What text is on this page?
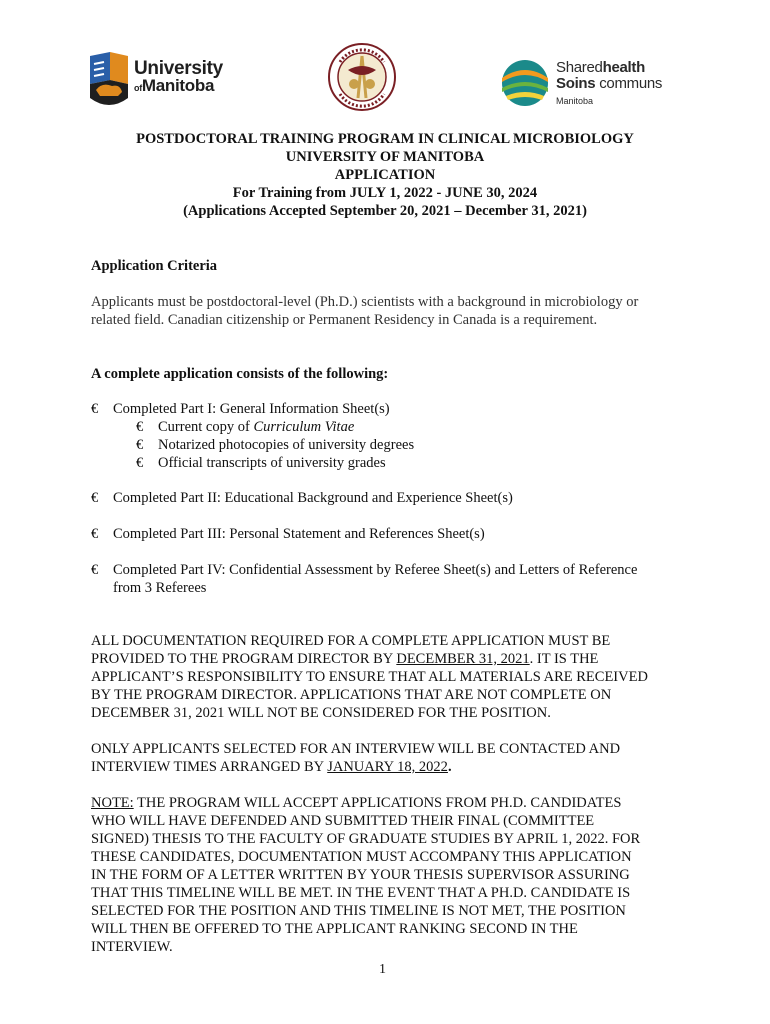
University
ofManitoba
Sharedhealth
Soins communs
Manitoba
POSTDOCTORAL TRAINING PROGRAM IN CLINICAL MICROBIOLOGY
UNIVERSITY OF MANITOBA
APPLICATION
For Training from JULY 1, 2022 - JUNE 30, 2024
(Applications Accepted September 20, 2021 – December 31, 2021)
Application Criteria
Applicants must be postdoctoral-level (Ph.D.) scientists with a background in microbiology or
related field. Canadian citizenship or Permanent Residency in Canada is a requirement.
A complete application consists of the following:
€	Completed Part I: General Information Sheet(s)
€	Current copy of Curriculum Vitae
€	Notarized photocopies of university degrees
€	Official transcripts of university grades
€	Completed Part II: Educational Background and Experience Sheet(s)
€	Completed Part III: Personal Statement and References Sheet(s)
€	Completed Part IV: Confidential Assessment by Referee Sheet(s) and Letters of Reference
from 3 Referees
ALL DOCUMENTATION REQUIRED FOR A COMPLETE APPLICATION MUST BE
PROVIDED TO THE PROGRAM DIRECTOR BY DECEMBER 31, 2021. IT IS THE
APPLICANT’S RESPONSIBILITY TO ENSURE THAT ALL MATERIALS ARE RECEIVED
BY THE PROGRAM DIRECTOR. APPLICATIONS THAT ARE NOT COMPLETE ON
DECEMBER 31, 2021 WILL NOT BE CONSIDERED FOR THE POSITION.
ONLY APPLICANTS SELECTED FOR AN INTERVIEW WILL BE CONTACTED AND
INTERVIEW TIMES ARRANGED BY JANUARY 18, 2022.
NOTE: THE PROGRAM WILL ACCEPT APPLICATIONS FROM PH.D. CANDIDATES
WHO WILL HAVE DEFENDED AND SUBMITTED THEIR FINAL (COMMITTEE
SIGNED) THESIS TO THE FACULTY OF GRADUATE STUDIES BY APRIL 1, 2022. FOR
THESE CANDIDATES, DOCUMENTATION MUST ACCOMPANY THIS APPLICATION
IN THE FORM OF A LETTER WRITTEN BY YOUR THESIS SUPERVISOR ASSURING
THAT THIS TIMELINE WILL BE MET. IN THE EVENT THAT A PH.D. CANDIDATE IS
SELECTED FOR THE POSITION AND THIS TIMELINE IS NOT MET, THE POSITION
WILL THEN BE OFFERED TO THE APPLICANT RANKING SECOND IN THE
INTERVIEW.
1
